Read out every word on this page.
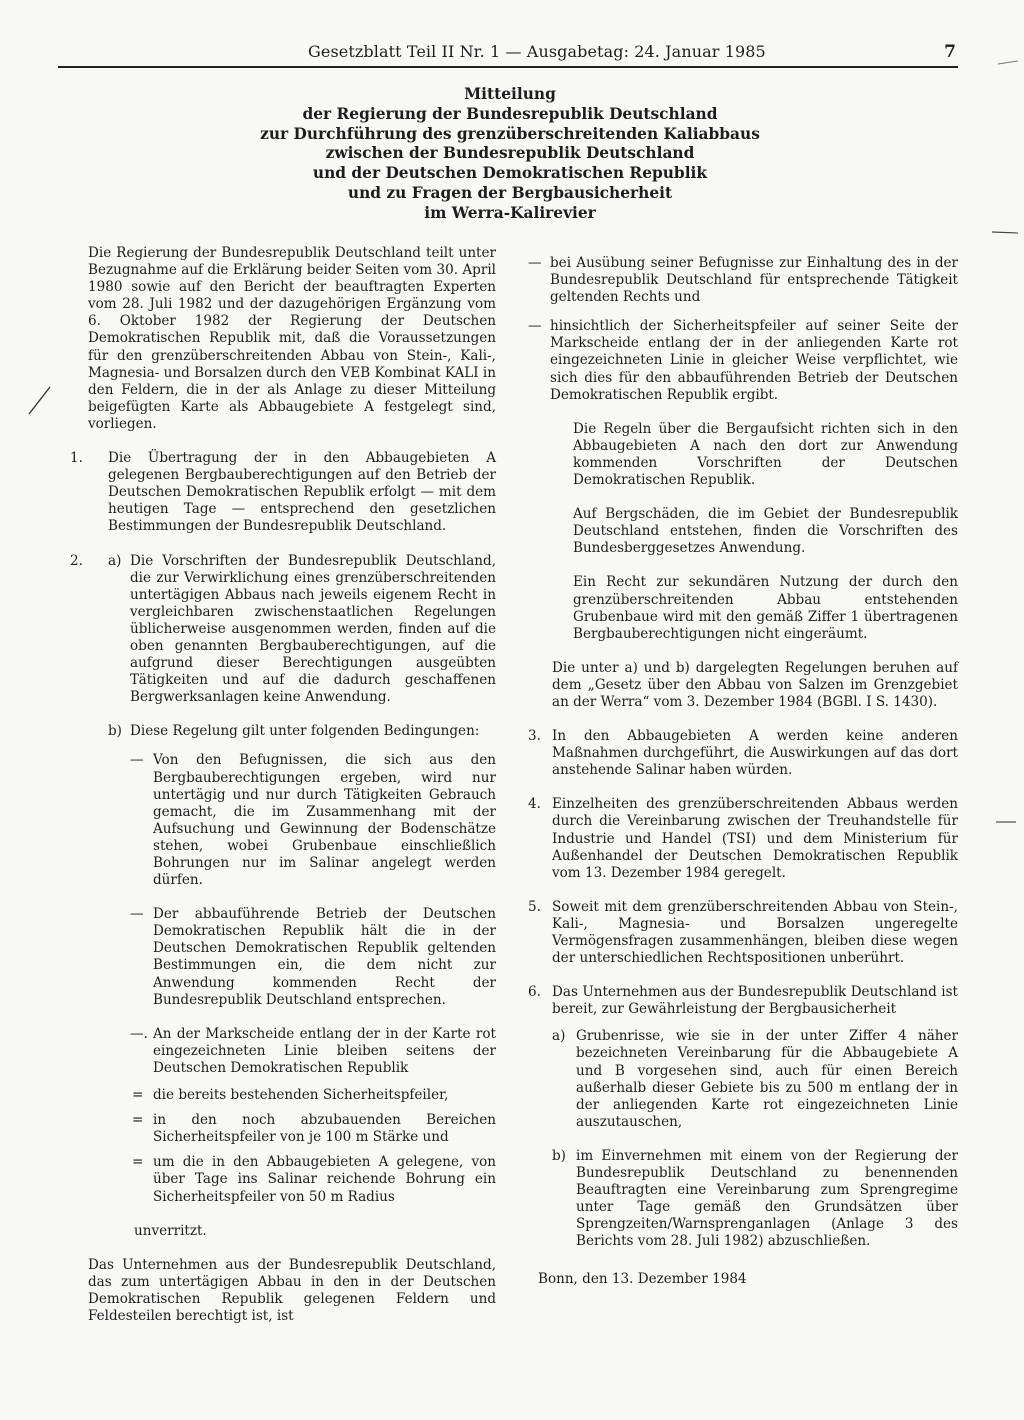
Gesetzblatt Teil II Nr. 1 — Ausgabetag: 24. Januar 1985	7
Mitteilung
der Regierung der Bundesrepublik Deutschland
zur Durchführung des grenzüberschreitenden Kaliabbaus
zwischen der Bundesrepublik Deutschland
und der Deutschen Demokratischen Republik
und zu Fragen der Bergbausicherheit
im Werra-Kalirevier

Die Regierung der Bundesrepublik Deutschland teilt unter Bezugnahme auf die Erklärung beider Seiten vom 30. April 1980 sowie auf den Bericht der beauftragten Experten vom 28. Juli 1982 und der dazugehörigen Ergänzung vom 6. Oktober 1982 der Regierung der Deutschen Demokratischen Republik mit, daß die Voraussetzungen für den grenzüberschreitenden Abbau von Stein-, Kali-, Magnesia- und Borsalzen durch den VEB Kombinat KALI in den Feldern, die in der als Anlage zu dieser Mitteilung beigefügten Karte als Abbaugebiete A festgelegt sind, vorliegen.

1. Die Übertragung der in den Abbaugebieten A gelegenen Bergbauberechtigungen auf den Betrieb der Deutschen Demokratischen Republik erfolgt — mit dem heutigen Tage — entsprechend den gesetzlichen Bestimmungen der Bundesrepublik Deutschland.
2. a) Die Vorschriften der Bundesrepublik Deutschland, die zur Verwirklichung eines grenzüberschreitenden untertägigen Abbaus nach jeweils eigenem Recht in vergleichbaren zwischenstaatlichen Regelungen üblicherweise ausgenommen werden, finden auf die oben genannten Bergbauberechtigungen, auf die aufgrund dieser Berechtigungen ausgeübten Tätigkeiten und auf die dadurch geschaffenen Bergwerksanlagen keine Anwendung.
b) Diese Regelung gilt unter folgenden Bedingungen:
— Von den Befugnissen, die sich aus den Bergbauberechtigungen ergeben, wird nur untertägig und nur durch Tätigkeiten Gebrauch gemacht, die im Zusammenhang mit der Aufsuchung und Gewinnung der Bodenschätze stehen, wobei Grubenbaue einschließlich Bohrungen nur im Salinar angelegt werden dürfen.
— Der abbauführende Betrieb der Deutschen Demokratischen Republik hält die in der Deutschen Demokratischen Republik geltenden Bestimmungen ein, die dem nicht zur Anwendung kommenden Recht der Bundesrepublik Deutschland entsprechen.
—. An der Markscheide entlang der in der Karte rot eingezeichneten Linie bleiben seitens der Deutschen Demokratischen Republik
= die bereits bestehenden Sicherheitspfeiler,
= in den noch abzubauenden Bereichen Sicherheitspfeiler von je 100 m Stärke und
= um die in den Abbaugebieten A gelegene, von über Tage ins Salinar reichende Bohrung ein Sicherheitspfeiler von 50 m Radius

unverritzt.

Das Unternehmen aus der Bundesrepublik Deutschland, das zum untertägigen Abbau in den in der Deutschen Demokratischen Republik gelegenen Feldern und Feldesteilen berechtigt ist, ist

— bei Ausübung seiner Befugnisse zur Einhaltung des in der Bundesrepublik Deutschland für entsprechende Tätigkeit geltenden Rechts und
— hinsichtlich der Sicherheitspfeiler auf seiner Seite der Markscheide entlang der in der anliegenden Karte rot eingezeichneten Linie in gleicher Weise verpflichtet, wie sich dies für den abbauführenden Betrieb der Deutschen Demokratischen Republik ergibt.

Die Regeln über die Bergaufsicht richten sich in den Abbaugebieten A nach den dort zur Anwendung kommenden Vorschriften der Deutschen Demokratischen Republik.

Auf Bergschäden, die im Gebiet der Bundesrepublik Deutschland entstehen, finden die Vorschriften des Bundesberggesetzes Anwendung.

Ein Recht zur sekundären Nutzung der durch den grenzüberschreitenden Abbau entstehenden Grubenbaue wird mit den gemäß Ziffer 1 übertragenen Bergbauberechtigungen nicht eingeräumt.

Die unter a) und b) dargelegten Regelungen beruhen auf dem „Gesetz über den Abbau von Salzen im Grenzgebiet an der Werra“ vom 3. Dezember 1984 (BGBl. I S. 1430).

3. In den Abbaugebieten A werden keine anderen Maßnahmen durchgeführt, die Auswirkungen auf das dort anstehende Salinar haben würden.
4. Einzelheiten des grenzüberschreitenden Abbaus werden durch die Vereinbarung zwischen der Treuhandstelle für Industrie und Handel (TSI) und dem Ministerium für Außenhandel der Deutschen Demokratischen Republik vom 13. Dezember 1984 geregelt.
5. Soweit mit dem grenzüberschreitenden Abbau von Stein-, Kali-, Magnesia- und Borsalzen ungeregelte Vermögensfragen zusammenhängen, bleiben diese wegen der unterschiedlichen Rechtspositionen unberührt.
6. Das Unternehmen aus der Bundesrepublik Deutschland ist bereit, zur Gewährleistung der Bergbausicherheit
a) Grubenrisse, wie sie in der unter Ziffer 4 näher bezeichneten Vereinbarung für die Abbaugebiete A und B vorgesehen sind, auch für einen Bereich außerhalb dieser Gebiete bis zu 500 m entlang der in der anliegenden Karte rot eingezeichneten Linie auszutauschen,
b) im Einvernehmen mit einem von der Regierung der Bundesrepublik Deutschland zu benennenden Beauftragten eine Vereinbarung zum Sprengregime unter Tage gemäß den Grundsätzen über Sprengzeiten/Warnsprenganlagen (Anlage 3 des Berichts vom 28. Juli 1982) abzuschließen.

Bonn, den 13. Dezember 1984
